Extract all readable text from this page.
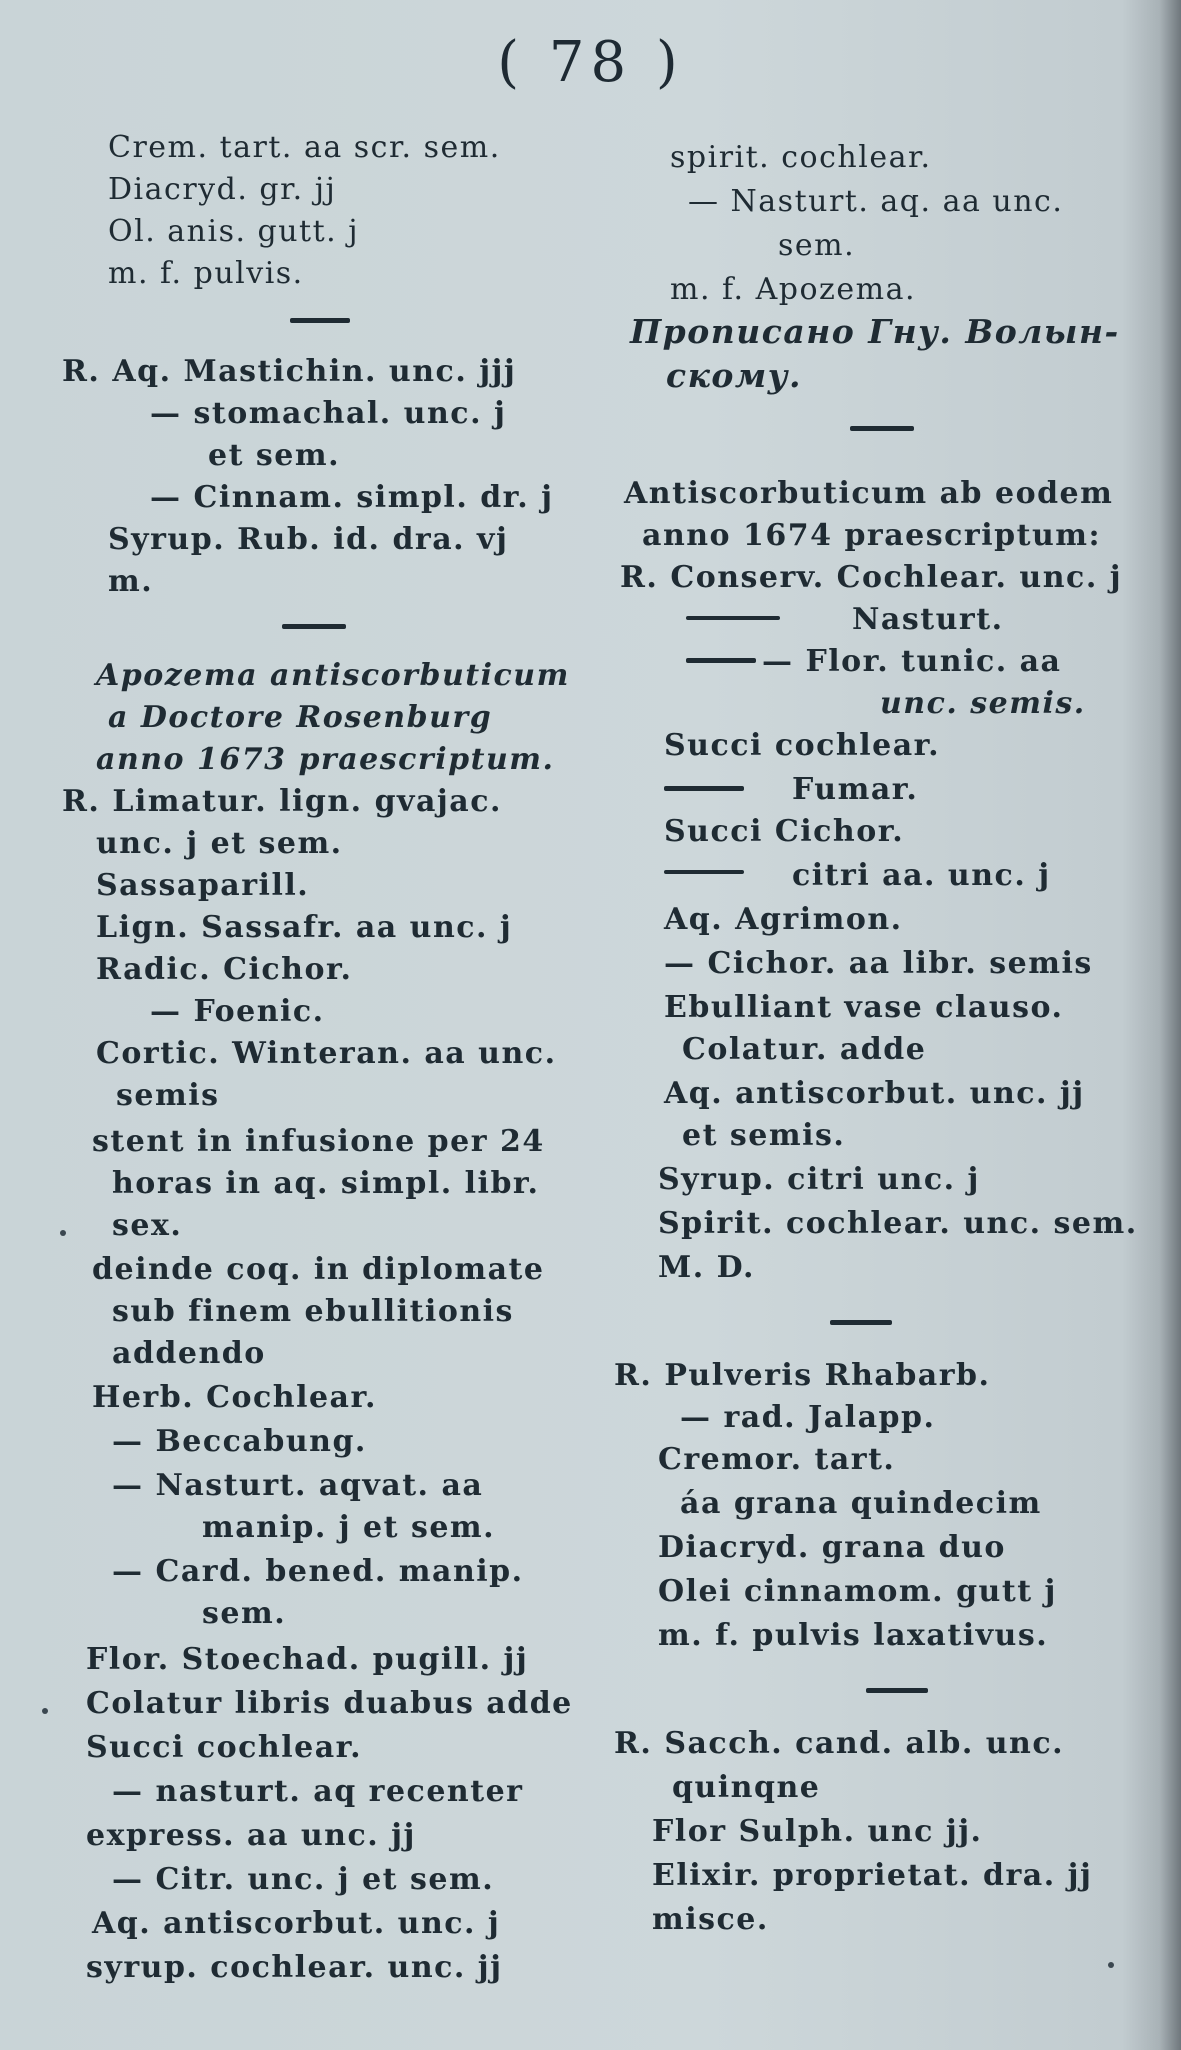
( 78 )
Crem. tart. aa scr. sem.
Diacryd. gr. jj
Ol. anis. gutt. j
m. f. pulvis.
R. Aq. Mastichin. unc. jjj
— stomachal. unc. j
et sem.
— Cinnam. simpl. dr. j
Syrup. Rub. id. dra. vj
m.
Apozema antiscorbuticum
a Doctore Rosenburg
anno 1673 praescriptum.
R. Limatur. lign. gvajac.
unc. j et sem.
Sassaparill.
Lign. Sassafr. aa unc. j
Radic. Cichor.
— Foenic.
Cortic. Winteran. aa unc.
semis
stent in infusione per 24
horas in aq. simpl. libr.
sex.
deinde coq. in diplomate
sub finem ebullitionis
addendo
Herb. Cochlear.
— Beccabung.
— Nasturt. aqvat. aa
manip. j et sem.
— Card. bened. manip.
sem.
Flor. Stoechad. pugill. jj
Colatur libris duabus adde
Succi cochlear.
— nasturt. aq recenter
express. aa unc. jj
— Citr. unc. j et sem.
Aq. antiscorbut. unc. j
syrup. cochlear. unc. jj
spirit. cochlear.
— Nasturt. aq. aa unc.
sem.
m. f. Apozema.
Прописано Гну. Волын-
скому.
Antiscorbuticum ab eodem
anno 1674 praescriptum:
R. Conserv. Cochlear. unc. j
Nasturt.
— Flor. tunic. aa
unc. semis.
Succi cochlear.
Fumar.
Succi Cichor.
citri aa. unc. j
Aq. Agrimon.
— Cichor. aa libr. semis
Ebulliant vase clauso.
Colatur. adde
Aq. antiscorbut. unc. jj
et semis.
Syrup. citri unc. j
Spirit. cochlear. unc. sem.
M. D.
R. Pulveris Rhabarb.
— rad. Jalapp.
Cremor. tart.
áa grana quindecim
Diacryd. grana duo
Olei cinnamom. gutt j
m. f. pulvis laxativus.
R. Sacch. cand. alb. unc.
quinqne
Flor Sulph. unc jj.
Elixir. proprietat. dra. jj
misce.
